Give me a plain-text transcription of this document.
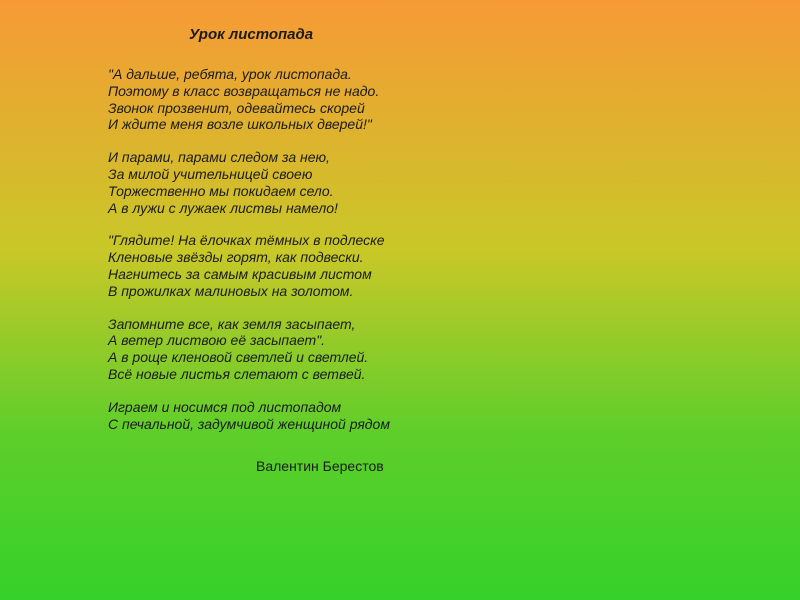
Урок листопада
"А дальше, ребята, урок листопада.
Поэтому в класс возвращаться не надо.
Звонок прозвенит, одевайтесь скорей
И ждите меня возле школьных дверей!"
И парами, парами следом за нею,
За милой учительницей своею
Торжественно мы покидаем село.
А в лужи с лужаек листвы намело!
"Глядите! На ёлочках тёмных в подлеске
Кленовые звёзды горят, как подвески.
Нагнитесь за самым красивым листом
В прожилках малиновых на золотом.
Запомните все, как земля засыпает,
А ветер листвою её засыпает".
А в роще кленовой светлей и светлей.
Всё новые листья слетают с ветвей.
Играем и носимся под листопадом
С печальной, задумчивой женщиной рядом
Валентин Берестов
